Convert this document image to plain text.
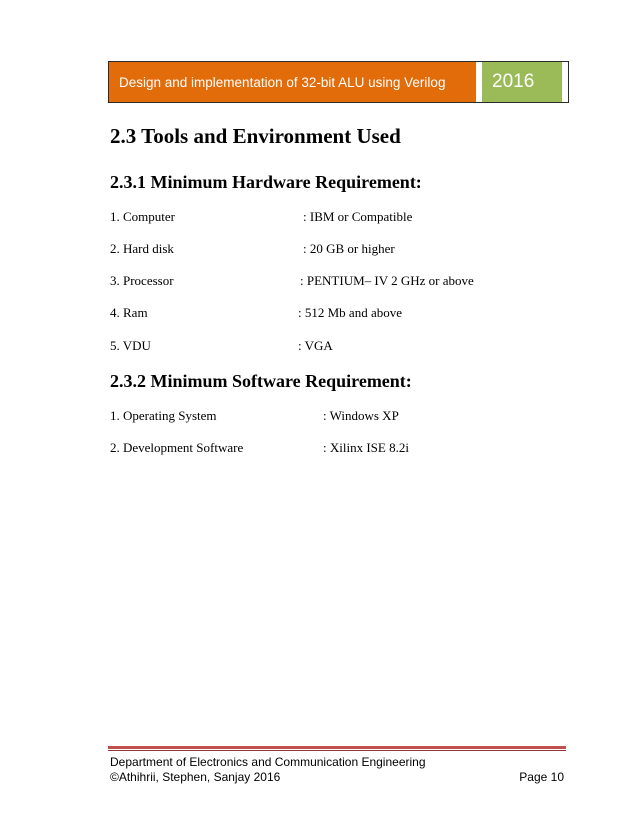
Design and implementation of 32-bit ALU using Verilog	2016
2.3 Tools and Environment Used
2.3.1 Minimum Hardware Requirement:
1. Computer	: IBM or Compatible
2. Hard disk	: 20 GB or higher
3. Processor	: PENTIUM– IV 2 GHz or above
4. Ram	: 512 Mb and above
5. VDU	: VGA
2.3.2 Minimum Software Requirement:
1. Operating System	: Windows XP
2. Development Software	: Xilinx ISE 8.2i
Department of Electronics and Communication Engineering
©Athihrii, Stephen, Sanjay 2016	Page 10
